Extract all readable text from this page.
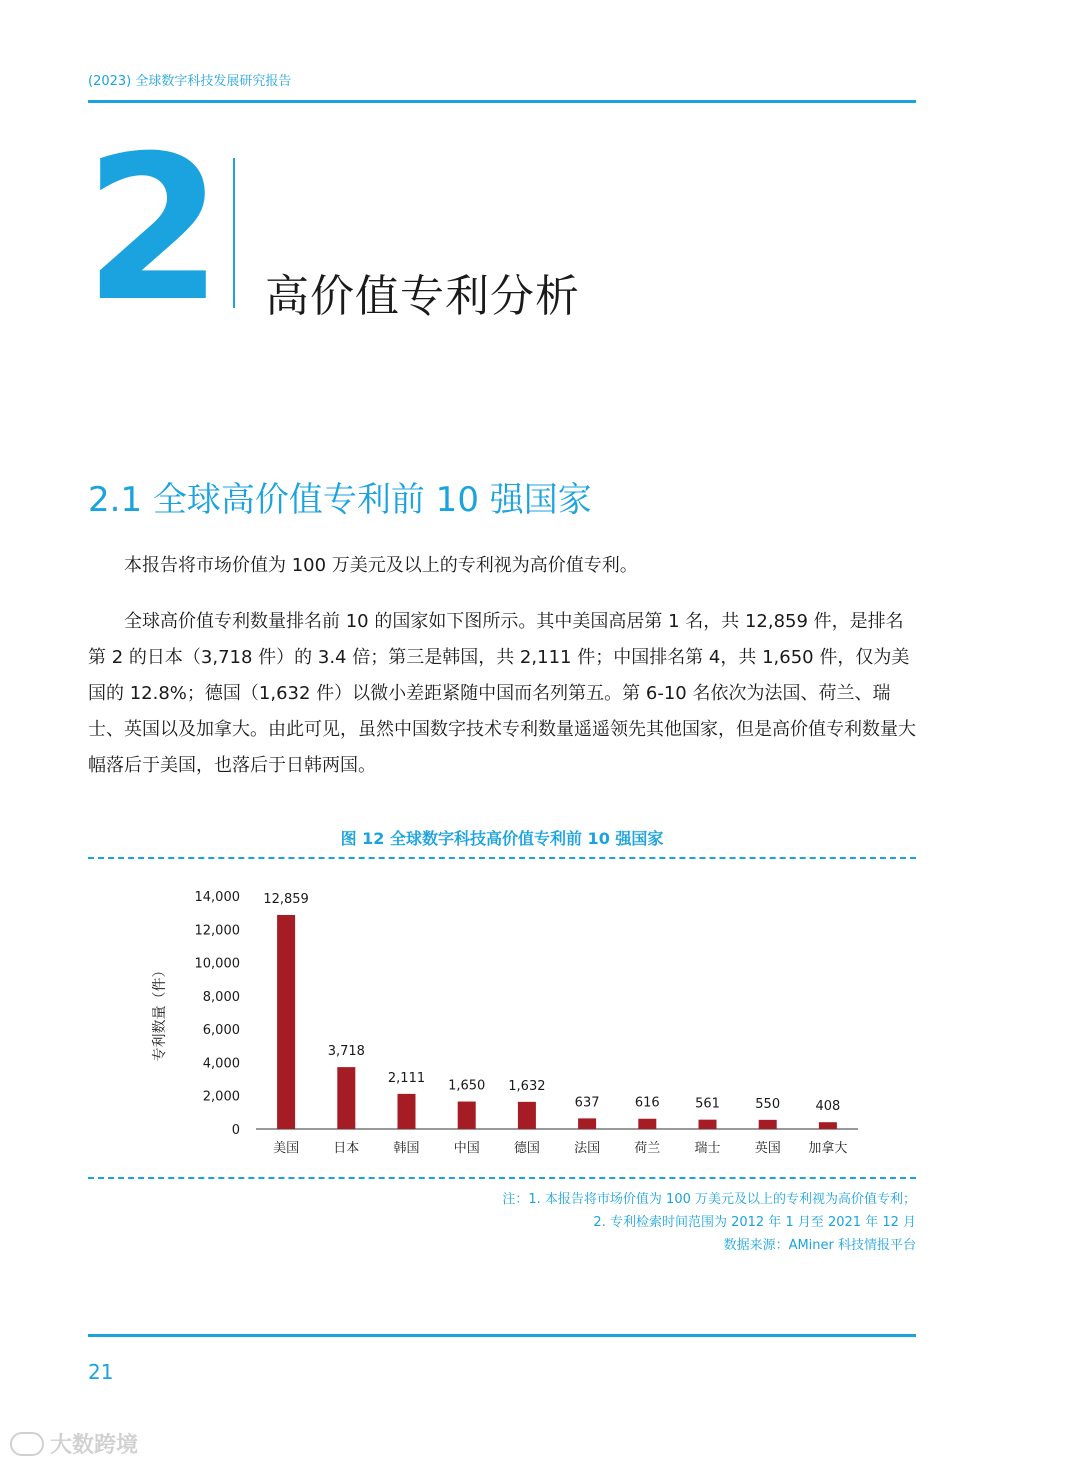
(2023) 全球数字科技发展研究报告
2 高价值专利分析
2.1 全球高价值专利前 10 强国家
本报告将市场价值为 100 万美元及以上的专利视为高价值专利。
全球高价值专利数量排名前 10 的国家如下图所示。其中美国高居第 1 名，共 12,859 件，是排名第 2 的日本（3,718 件）的 3.4 倍；第三是韩国，共 2,111 件；中国排名第 4，共 1,650 件，仅为美国的 12.8%；德国（1,632 件）以微小差距紧随中国而名列第五。第 6-10 名依次为法国、荷兰、瑞士、英国以及加拿大。由此可见，虽然中国数字技术专利数量遥遥领先其他国家，但是高价值专利数量大幅落后于美国，也落后于日韩两国。
图 12 全球数字科技高价值专利前 10 强国家
0
2,000
4,000
6,000
8,000
10,000
12,000
14,000
专利数量（件）
12,859
美国
3,718
日本
2,111
韩国
1,650
中国
1,632
德国
637
法国
616
荷兰
561
瑞士
550
英国
408
加拿大
注：1. 本报告将市场价值为 100 万美元及以上的专利视为高价值专利；
2. 专利检索时间范围为 2012 年 1 月至 2021 年 12 月
数据来源：AMiner 科技情报平台
21
大数跨境
